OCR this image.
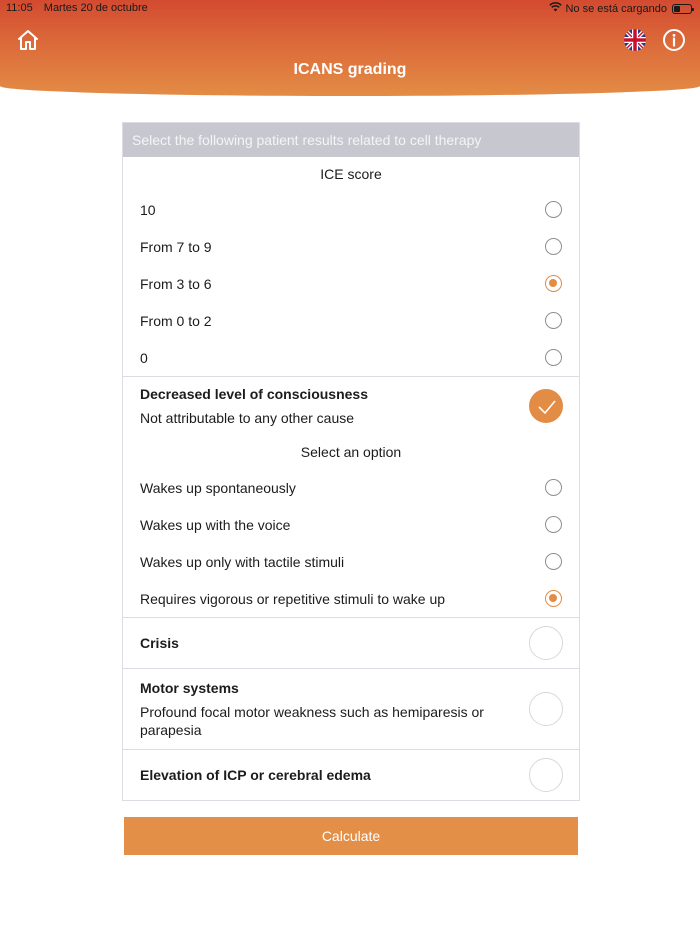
11:05 Martes 20 de octubre	No se está cargando
ICANS grading
Select the following patient results related to cell therapy
ICE score
10
From 7 to 9
From 3 to 6
From 0 to 2
0
Decreased level of consciousness
Not attributable to any other cause
Select an option
Wakes up spontaneously
Wakes up with the voice
Wakes up only with tactile stimuli
Requires vigorous or repetitive stimuli to wake up
Crisis
Motor systems
Profound focal motor weakness such as hemiparesis or parapesia
Elevation of ICP or cerebral edema
Calculate
